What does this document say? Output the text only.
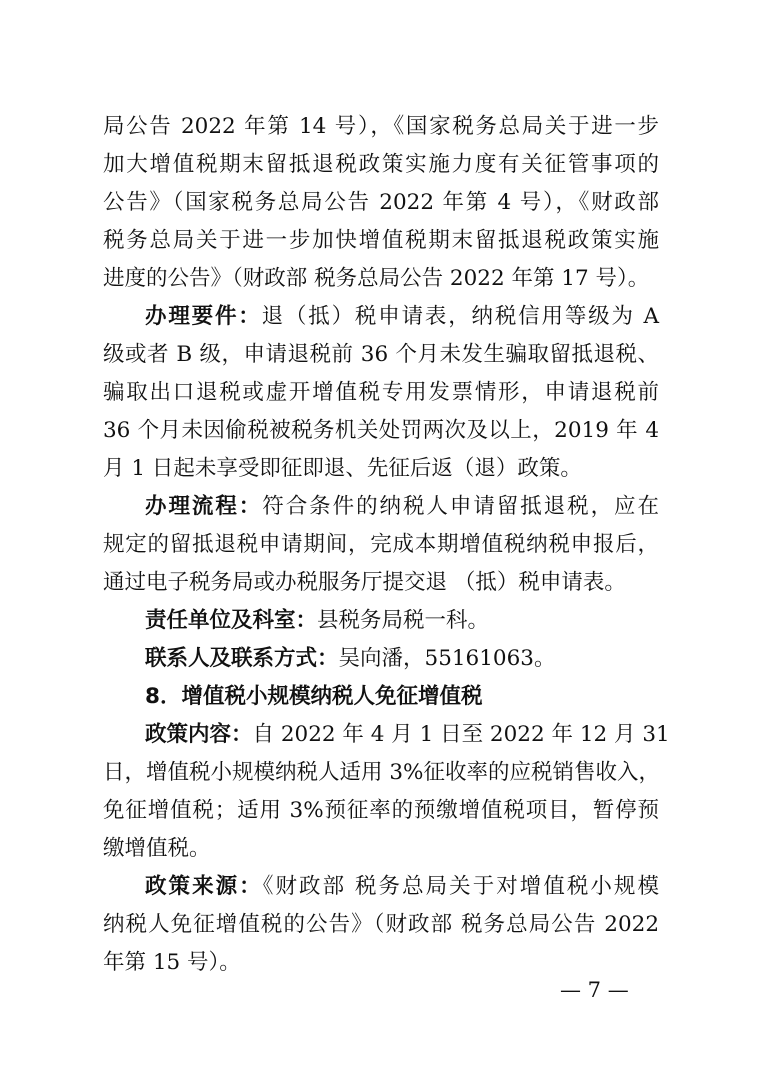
局公告 2022 年第 14 号），《国家税务总局关于进一步
加大增值税期末留抵退税政策实施力度有关征管事项的
公告》（国家税务总局公告 2022 年第 4 号），《财政部
税务总局关于进一步加快增值税期末留抵退税政策实施
进度的公告》（财政部 税务总局公告 2022 年第 17 号）。
办理要件：退（抵）税申请表，纳税信用等级为 A
级或者 B 级，申请退税前 36 个月未发生骗取留抵退税、
骗取出口退税或虚开增值税专用发票情形，申请退税前
36 个月未因偷税被税务机关处罚两次及以上，2019 年 4
月 1 日起未享受即征即退、先征后返（退）政策。
办理流程：符合条件的纳税人申请留抵退税，应在
规定的留抵退税申请期间，完成本期增值税纳税申报后，
通过电子税务局或办税服务厅提交退 （抵）税申请表。
责任单位及科室：县税务局税一科。
联系人及联系方式：吴向潘，55161063。
8．增值税小规模纳税人免征增值税
政策内容：自 2022 年 4 月 1 日至 2022 年 12 月 31
日，增值税小规模纳税人适用 3%征收率的应税销售收入，
免征增值税；适用 3%预征率的预缴增值税项目，暂停预
缴增值税。
政策来源：《财政部 税务总局关于对增值税小规模
纳税人免征增值税的公告》（财政部 税务总局公告 2022
年第 15 号）。
— 7 —
